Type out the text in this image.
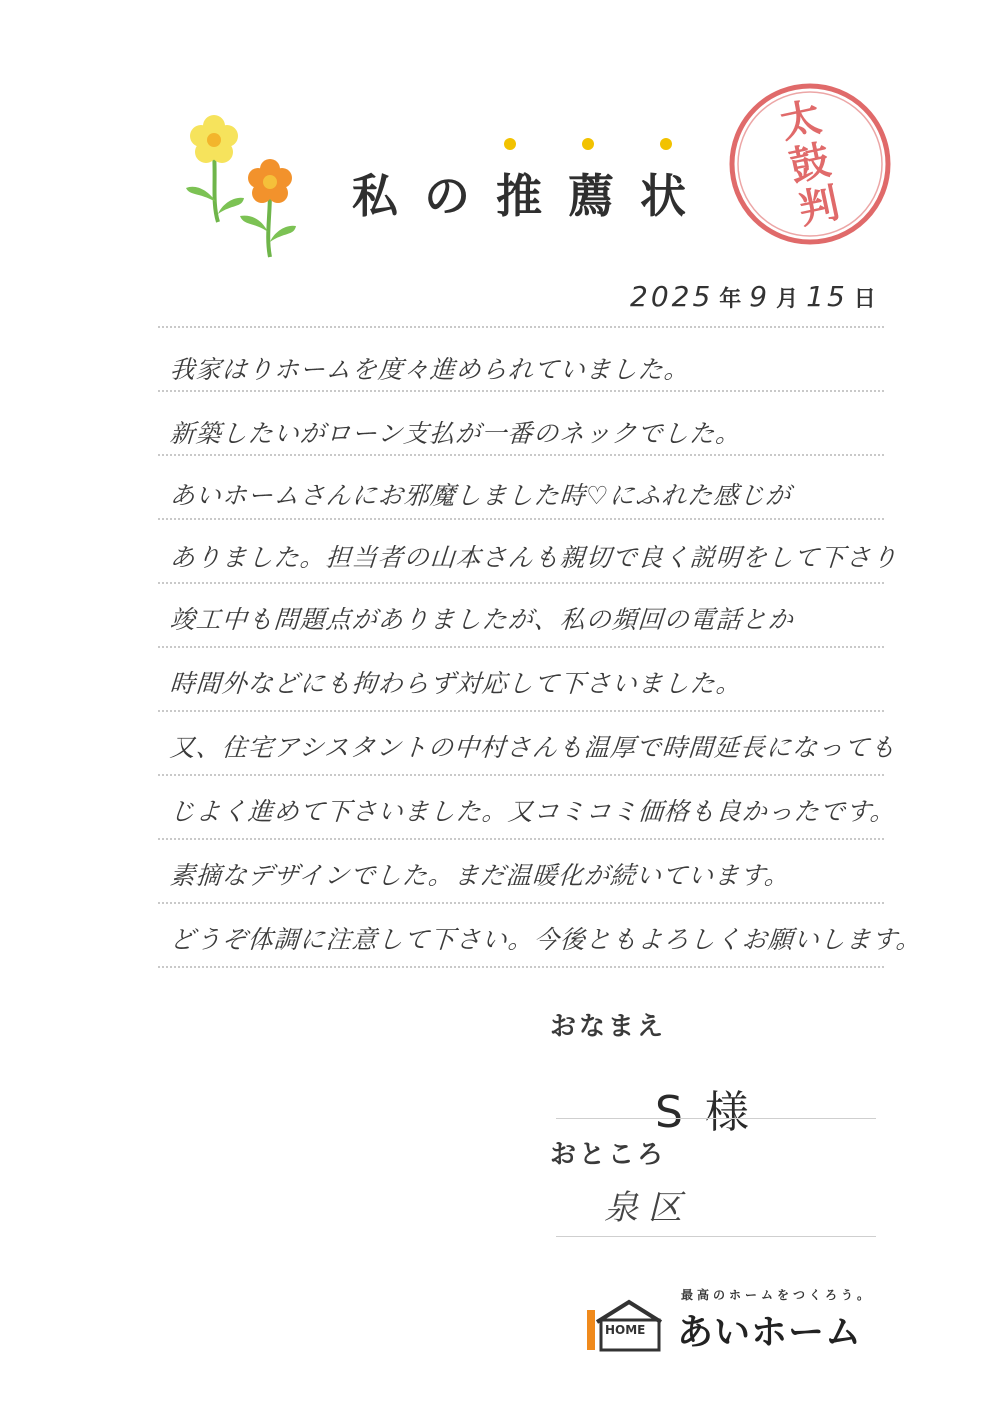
私の推薦状
太
鼓
判
2025 年 9 月 15 日
我家はりホームを度々進められていました。
新築したいがローン支払が一番のネックでした。
あいホームさんにお邪魔しました時♡にふれた感じが
ありました。担当者の山本さんも親切で良く説明をして下さり
竣工中も問題点がありましたが、私の頻回の電話とか
時間外などにも拘わらず対応して下さいました。
又、住宅アシスタントの中村さんも温厚で時間延長になっても
じよく進めて下さいました。又コミコミ価格も良かったです。
素摘なデザインでした。まだ温暖化が続いています。
どうぞ体調に注意して下さい。今後ともよろしくお願いします。
おなまえ
S 様
おところ
泉区
HOME
最高のホームをつくろう。
あいホーム
